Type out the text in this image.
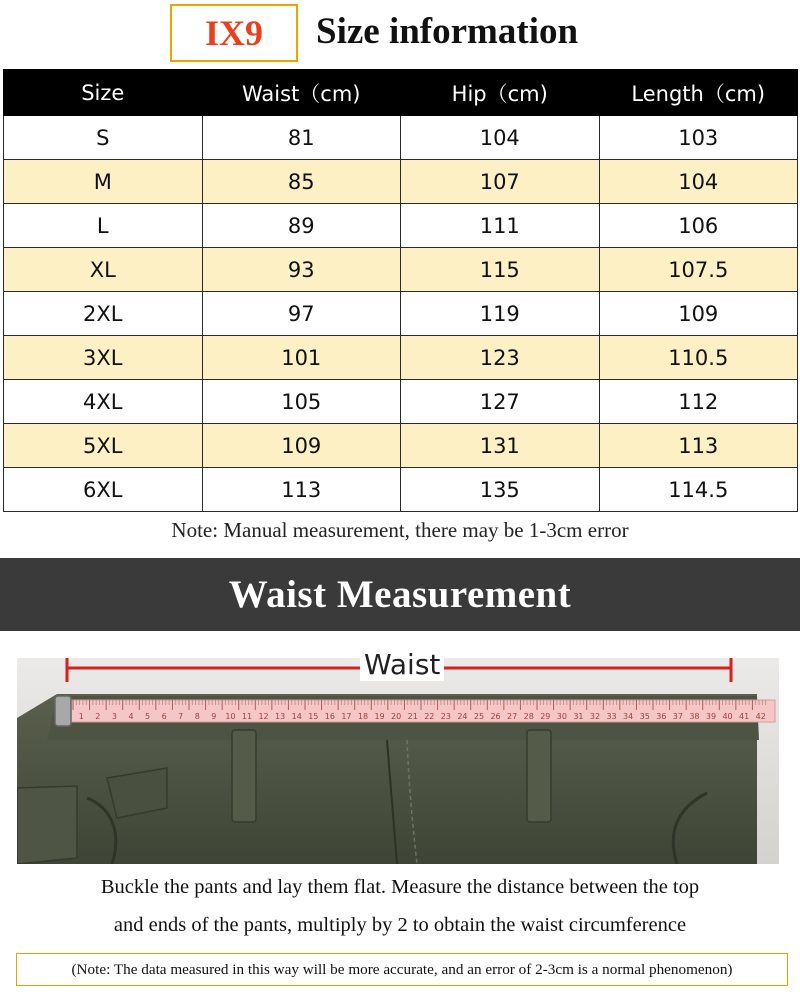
IX9 Size information
Size	Waist（cm)	Hip（cm)	Length（cm)
S	81	104	103
M	85	107	104
L	89	111	106
XL	93	115	107.5
2XL	97	119	109
3XL	101	123	110.5
4XL	105	127	112
5XL	109	131	113
6XL	113	135	114.5
Note: Manual measurement, there may be 1-3cm error
Waist Measurement
1 2 3 4 5 6 7 8 9 10 11 12 13 14 15 16 17 18 19 20 21 22 23 24 25 26 27 28 29 30 31 32 33 34 35 36 37 38 39 40 41 42
Waist
Buckle the pants and lay them flat. Measure the distance between the top
and ends of the pants, multiply by 2 to obtain the waist circumference
(Note: The data measured in this way will be more accurate, and an error of 2-3cm is a normal phenomenon)
